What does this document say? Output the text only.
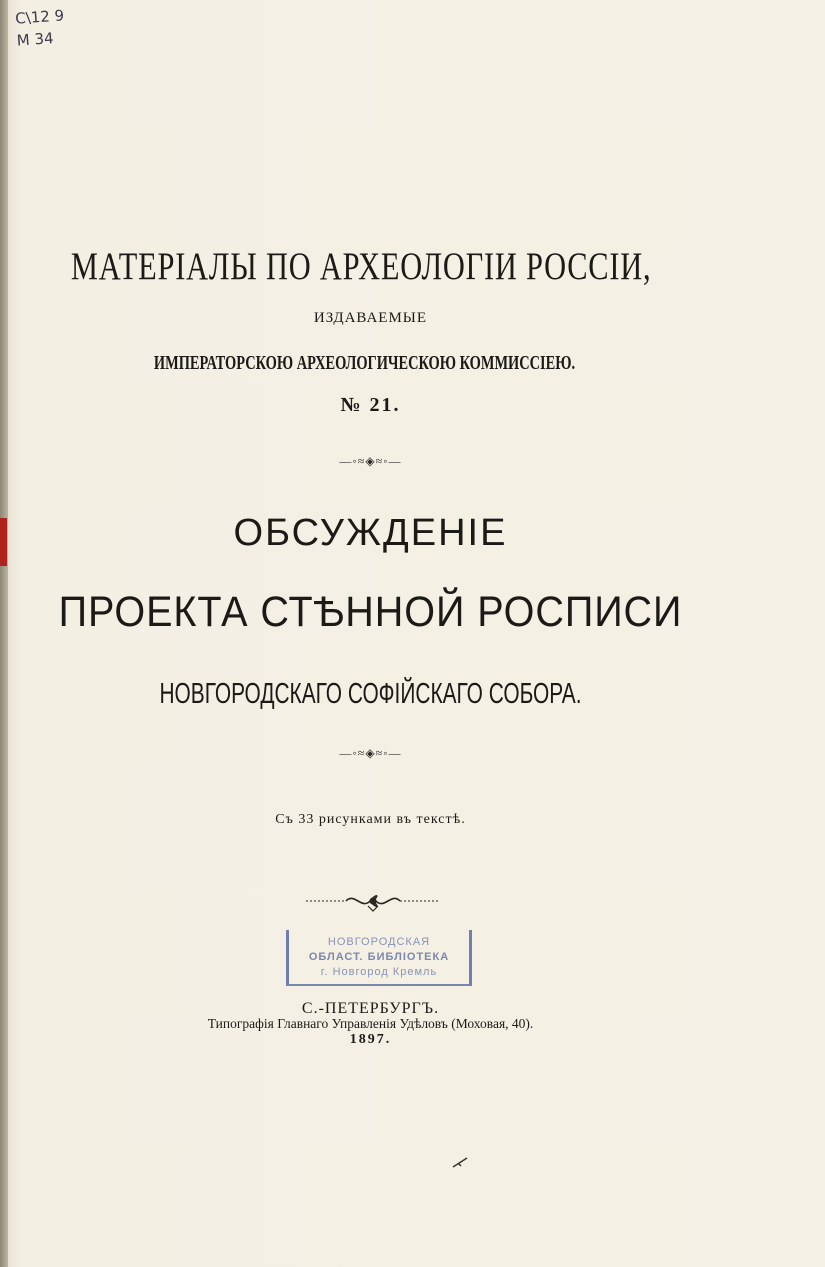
С\12 9
М 34
МАТЕРІАЛЫ ПО АРХЕОЛОГІИ РОССІИ,
ИЗДАВАЕМЫЕ
ИМПЕРАТОРСКОЮ АРХЕОЛОГИЧЕСКОЮ КОММИССІЕЮ.
№ 21.
—◦≈◈≈◦—
ОБСУЖДЕНІЕ
ПРОЕКТА СТѢННОЙ РОСПИСИ
НОВГОРОДСКАГО СОФІЙСКАГО СОБОРА.
—◦≈◈≈◦—
Съ 33 рисунками въ текстѣ.
НОВГОРОДСКАЯ
ОБЛАСТ. БИБЛІОТЕКА
г. Новгород Кремль
С.-ПЕТЕРБУРГЪ.
Типографія Главнаго Управленія Удѣловъ (Моховая, 40).
1897.
